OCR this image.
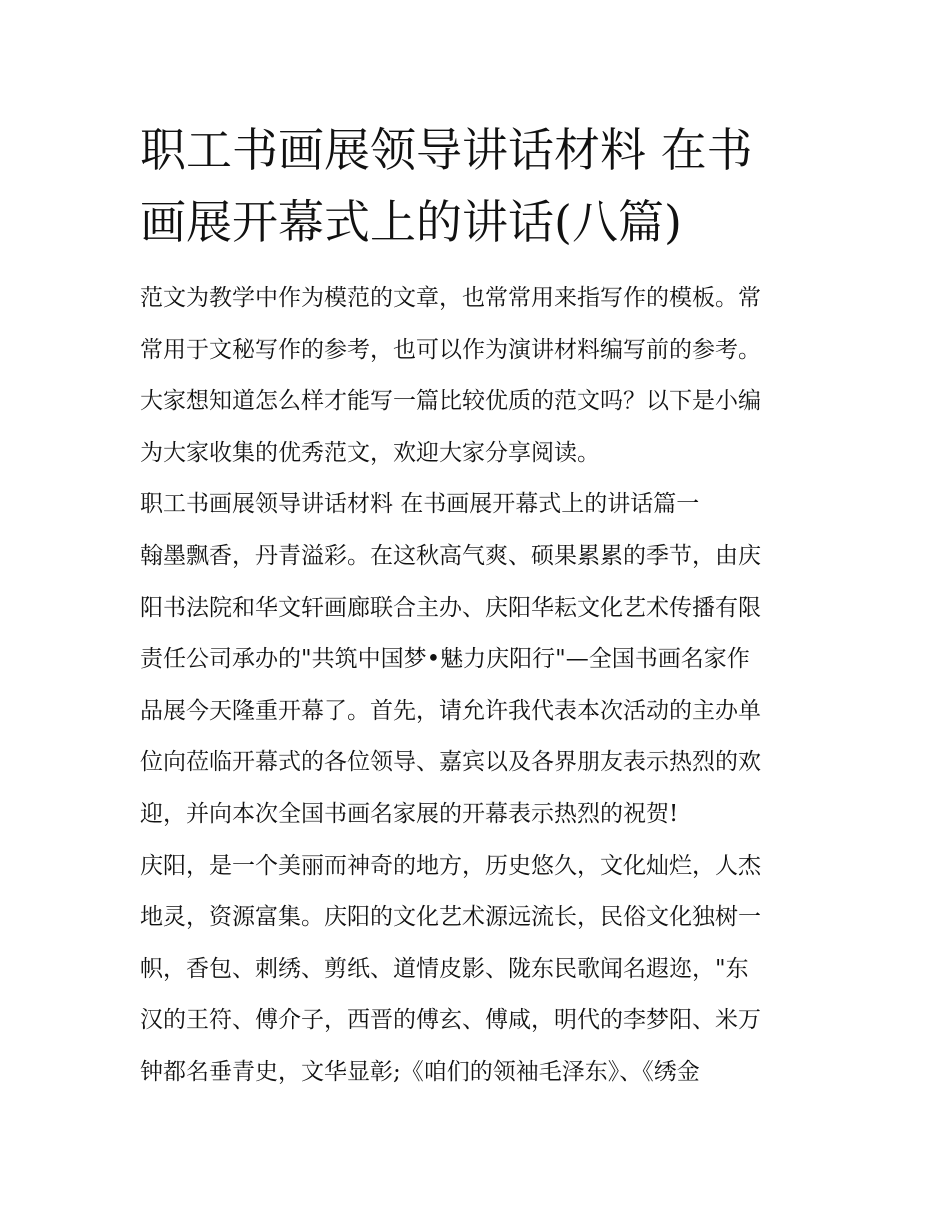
职工书画展领导讲话材料 在书
画展开幕式上的讲话(八篇)
范文为教学中作为模范的文章，也常常用来指写作的模板。常
常用于文秘写作的参考，也可以作为演讲材料编写前的参考。
大家想知道怎么样才能写一篇比较优质的范文吗？以下是小编
为大家收集的优秀范文，欢迎大家分享阅读。
职工书画展领导讲话材料 在书画展开幕式上的讲话篇一
翰墨飘香，丹青溢彩。在这秋高气爽、硕果累累的季节，由庆
阳书法院和华文轩画廊联合主办、庆阳华耘文化艺术传播有限
责任公司承办的"共筑中国梦•魅力庆阳行"—全国书画名家作
品展今天隆重开幕了。首先，请允许我代表本次活动的主办单
位向莅临开幕式的各位领导、嘉宾以及各界朋友表示热烈的欢
迎，并向本次全国书画名家展的开幕表示热烈的祝贺!
庆阳，是一个美丽而神奇的地方，历史悠久，文化灿烂，人杰
地灵，资源富集。庆阳的文化艺术源远流长，民俗文化独树一
帜，香包、刺绣、剪纸、道情皮影、陇东民歌闻名遐迩，"东
汉的王符、傅介子，西晋的傅玄、傅咸，明代的李梦阳、米万
钟都名垂青史，文华显彰;《咱们的领袖毛泽东》、《绣金
